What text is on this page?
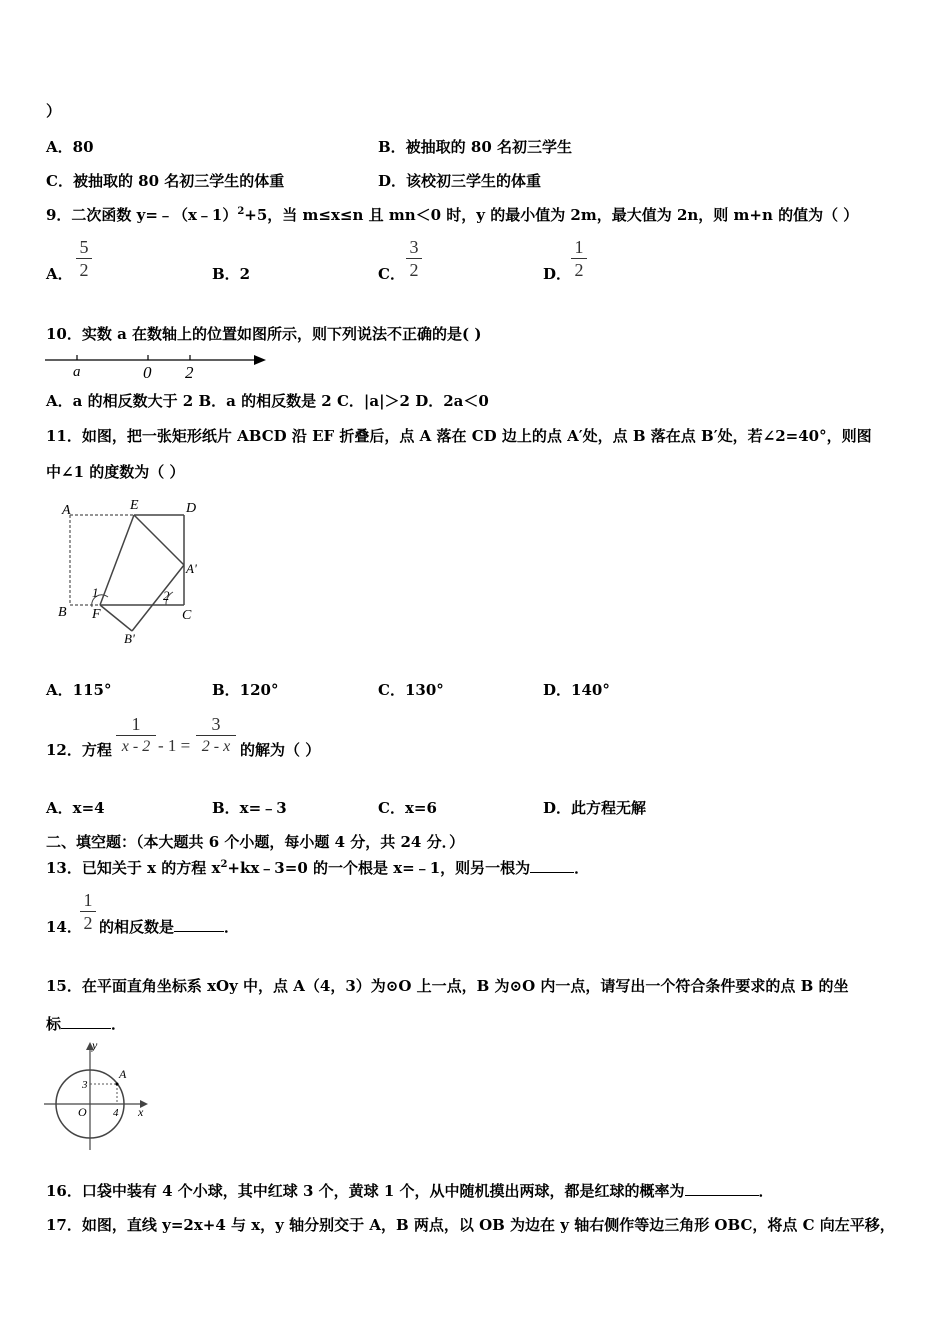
）
A．80	B．被抽取的 80 名初三学生
C．被抽取的 80 名初三学生的体重	D．该校初三学生的体重
9．二次函数 y=﹣（x﹣1）$^2$+5，当 m≤x≤n 且 mn＜0 时，y 的最小值为 2m，最大值为 2n，则 m+n 的值为（ ）
A．
5
2	B．2	C．
3
2	D．
1
2
10．实数 a 在数轴上的位置如图所示，则下列说法不正确的是( )
a	0 2
A．a 的相反数大于 2 B．a 的相反数是 2 C．|a|＞2 D．2a＜0
11．如图，把一张矩形纸片 ABCD 沿 EF 折叠后，点 A 落在 CD 边上的点 A′处，点 B 落在点 B′处，若∠2=40°，则图
中∠1 的度数为（ ）
A	E	D
A'
B F	C
B'
1	2
A．115°	B．120°	C．130°	D．140°
12．方程
1
x - 2 - 1 =
3
2 - x 的解为（ ）
A．x=4	B．x=﹣3	C．x=6	D．此方程无解
二、填空题：（本大题共 6 个小题，每小题 4 分，共 24 分．）
13．已知关于 x 的方程 $x^2+kx﹣3=0$ 的一个根是 x=﹣1，则另一根为	．
14．
1
2 的相反数是	．
15．在平面直角坐标系 xOy 中，点 A（4，3）为⊙O 上一点，B 为⊙O 内一点，请写出一个符合条件要求的点 B 的坐
标	．
y
x
O
A
3
4
16．口袋中装有 4 个小球，其中红球 3 个，黄球 1 个，从中随机摸出两球，都是红球的概率为	．
17．如图，直线 y=2x+4 与 x，y 轴分别交于 A，B 两点，以 OB 为边在 y 轴右侧作等边三角形 OBC，将点 C 向左平移，
